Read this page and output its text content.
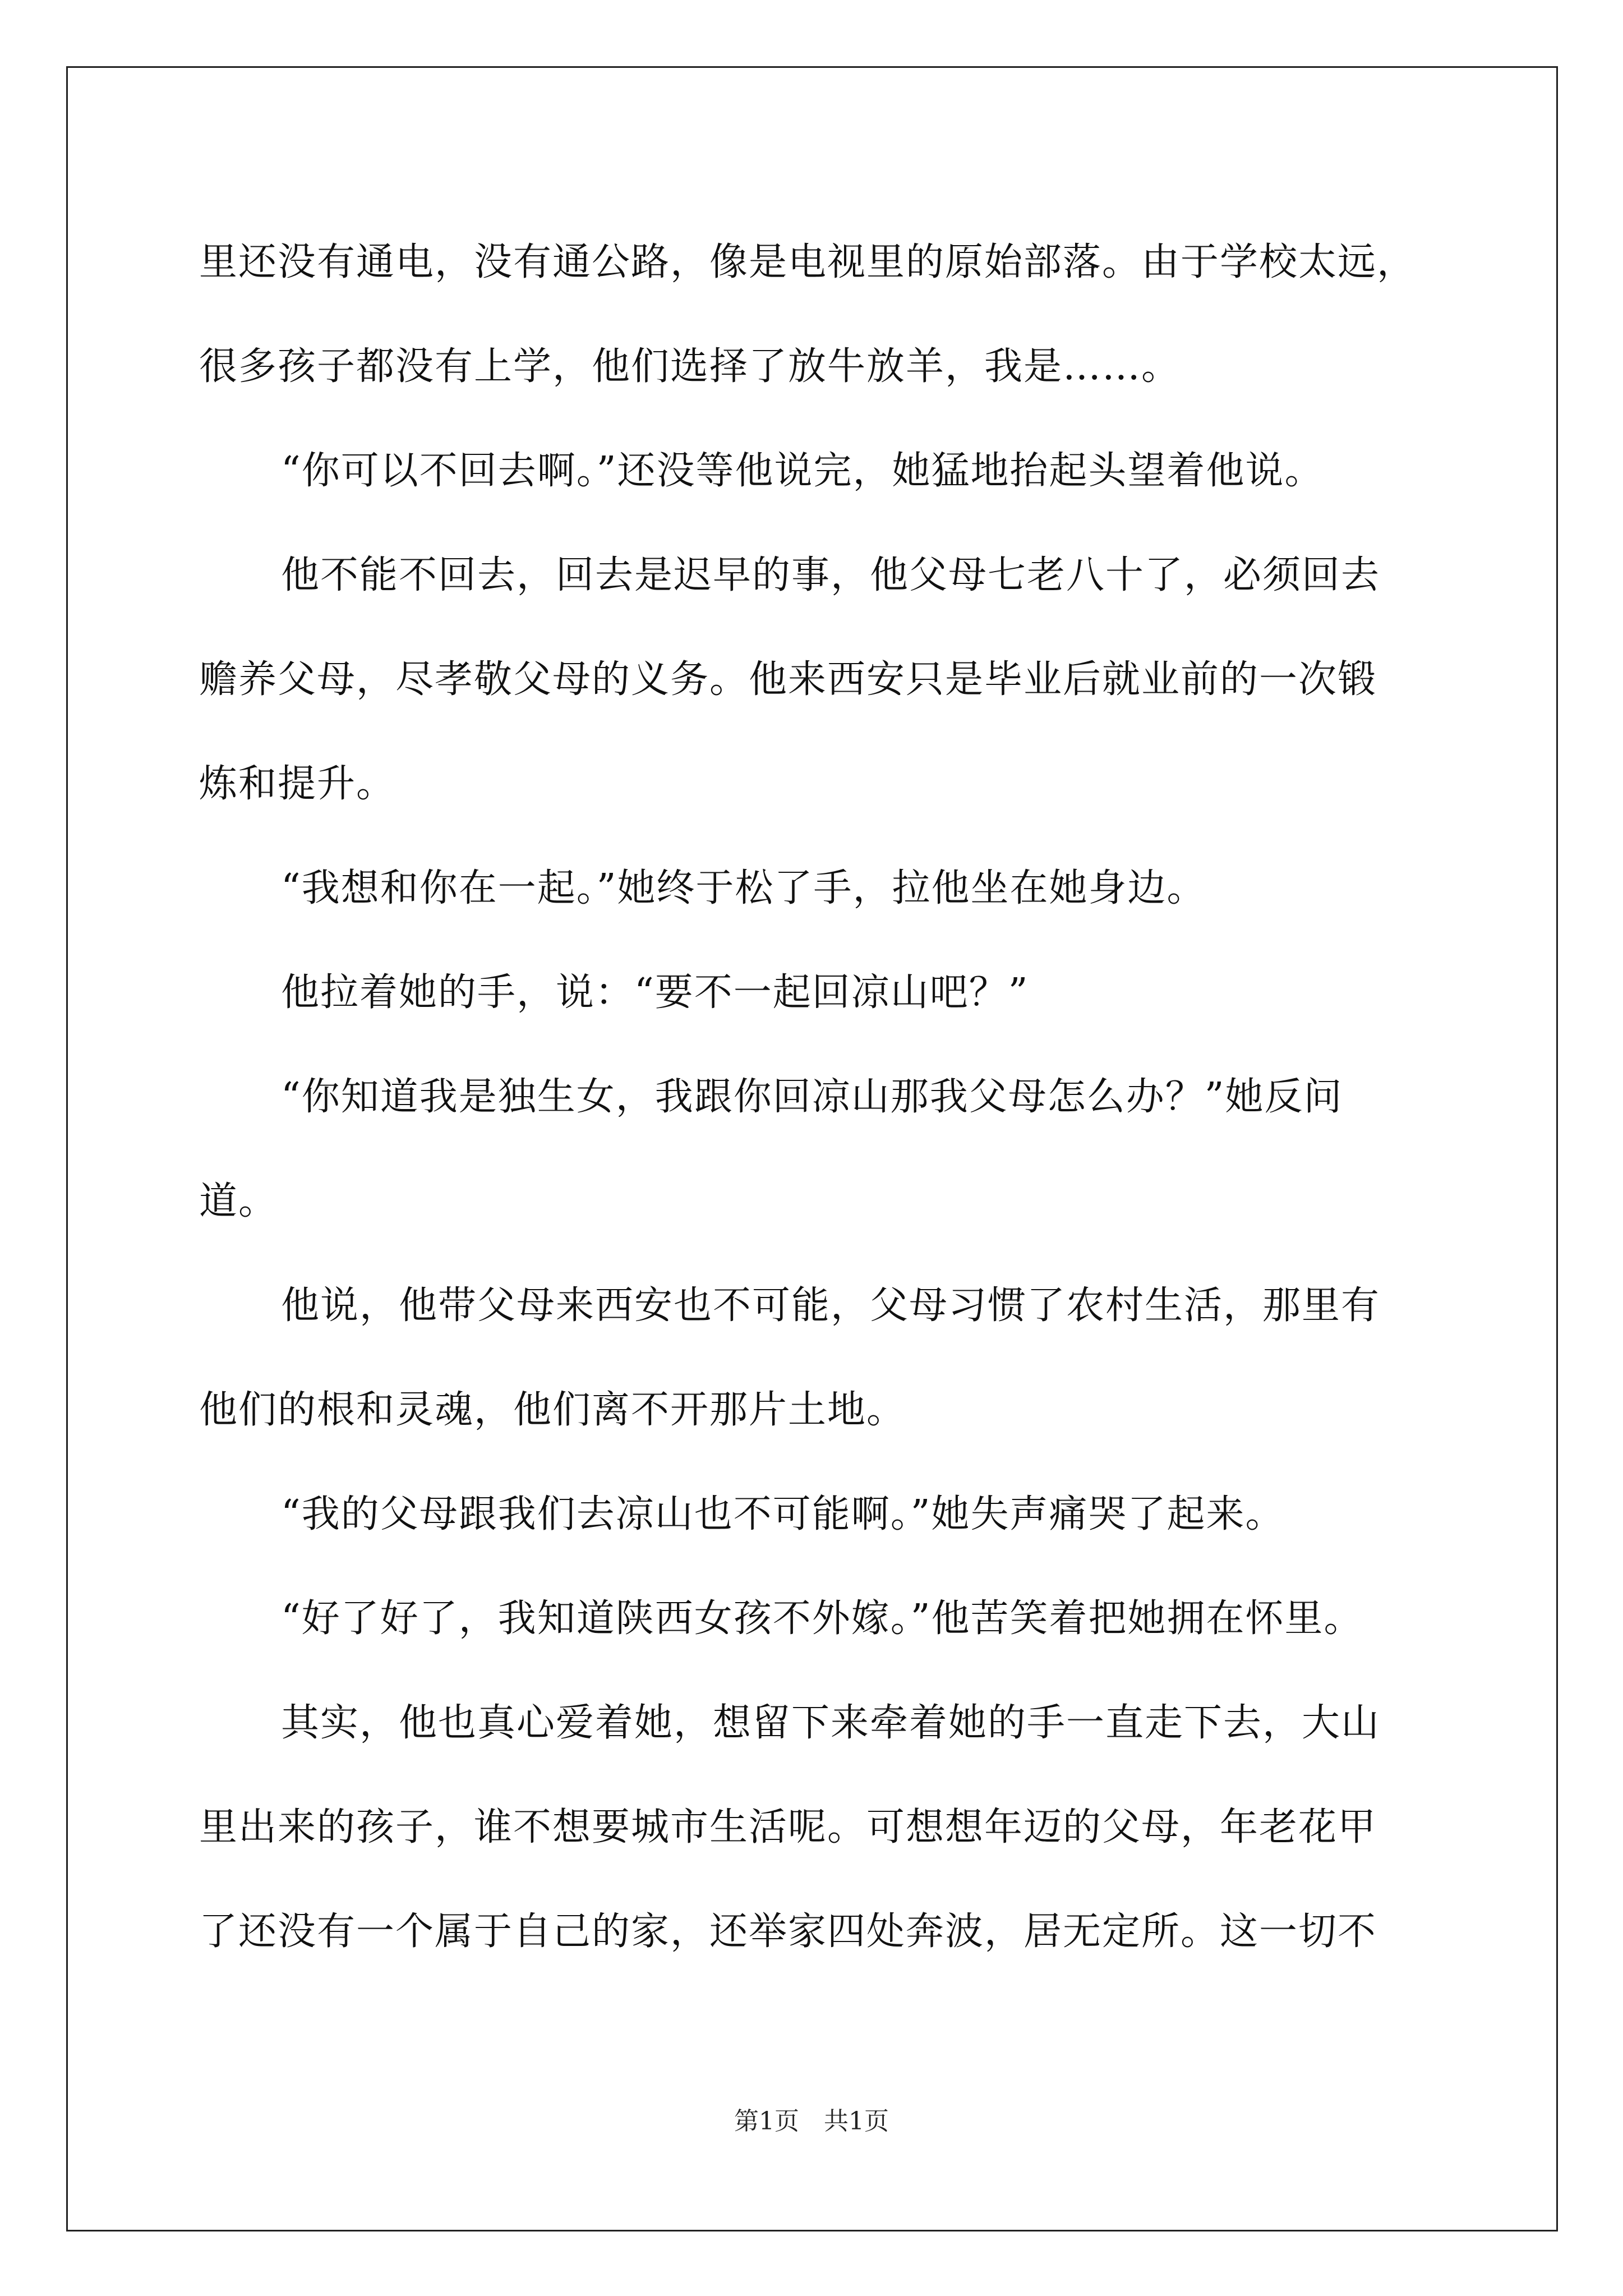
里还没有通电，没有通公路，像是电视里的原始部落。由于学校太远，
很多孩子都没有上学，他们选择了放牛放羊，我是……。
“你可以不回去啊。”还没等他说完，她猛地抬起头望着他说。
他不能不回去，回去是迟早的事，他父母七老八十了，必须回去
赡养父母，尽孝敬父母的义务。他来西安只是毕业后就业前的一次锻
炼和提升。
“我想和你在一起。”她终于松了手，拉他坐在她身边。
他拉着她的手，说：“要不一起回凉山吧？”
“你知道我是独生女，我跟你回凉山那我父母怎么办？”她反问
道。
他说，他带父母来西安也不可能，父母习惯了农村生活，那里有
他们的根和灵魂，他们离不开那片土地。
“我的父母跟我们去凉山也不可能啊。”她失声痛哭了起来。
“好了好了，我知道陕西女孩不外嫁。”他苦笑着把她拥在怀里。
其实，他也真心爱着她，想留下来牵着她的手一直走下去，大山
里出来的孩子，谁不想要城市生活呢。可想想年迈的父母，年老花甲
了还没有一个属于自己的家，还举家四处奔波，居无定所。这一切不
第1页　共1页
